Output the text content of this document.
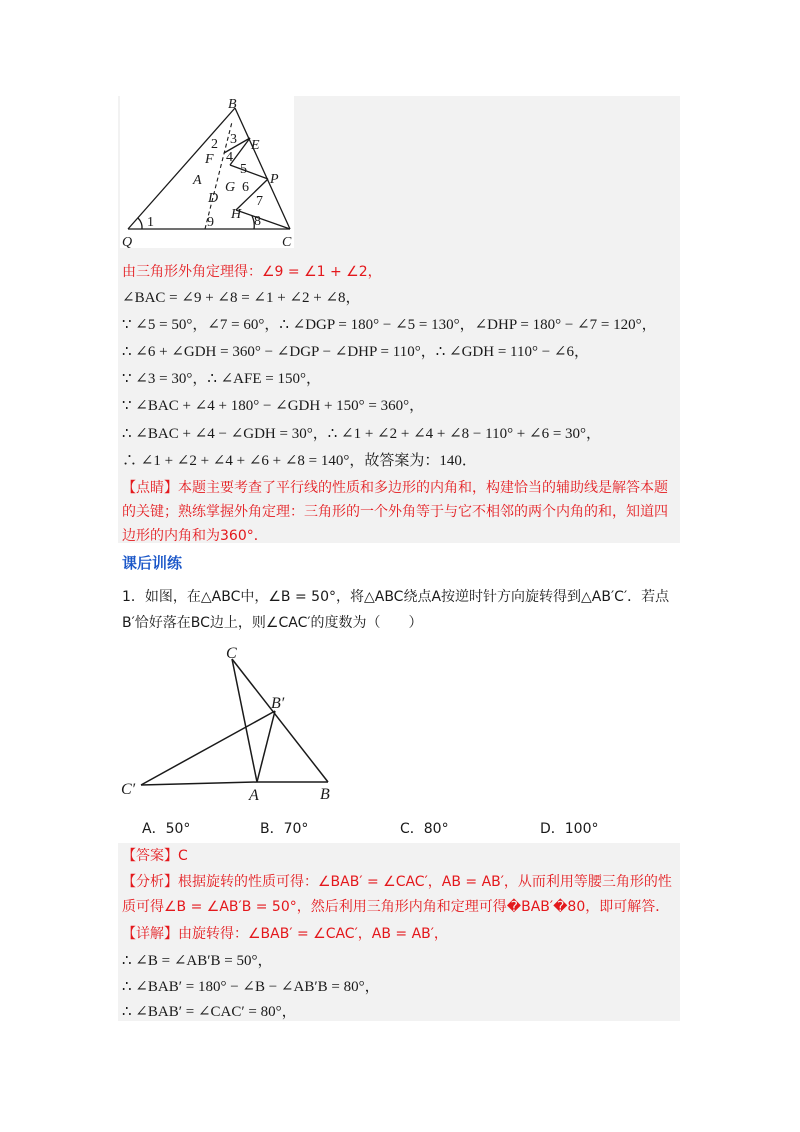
B
3
2 E
F 4
5
P
A G 6
D	7
H 8
1	9
Q	C
由三角形外角定理得：∠9 = ∠1 + ∠2，
∠BAC = ∠9 + ∠8 = ∠1 + ∠2 + ∠8，
∵ ∠5 = 50°，∠7 = 60°，∴ ∠DGP = 180° − ∠5 = 130°，∠DHP = 180° − ∠7 = 120°，
∴ ∠6 + ∠GDH = 360° − ∠DGP − ∠DHP = 110°，∴ ∠GDH = 110° − ∠6，
∵ ∠3 = 30°，∴ ∠AFE = 150°，
∵ ∠BAC + ∠4 + 180° − ∠GDH + 150° = 360°，
∴ ∠BAC + ∠4 − ∠GDH = 30°，∴ ∠1 + ∠2 + ∠4 + ∠8 − 110° + ∠6 = 30°，
∴ ∠1 + ∠2 + ∠4 + ∠6 + ∠8 = 140°，故答案为：140．
【点睛】本题主要考查了平行线的性质和多边形的内角和，构建恰当的辅助线是解答本题
的关键；熟练掌握外角定理：三角形的一个外角等于与它不相邻的两个内角的和，知道四
边形的内角和为360°．
课后训练
1．如图，在△ABC中，∠B = 50°，将△ABC绕点A按逆时针方向旋转得到△AB′C′．若点
B′恰好落在BC边上，则∠CAC′的度数为（　　）
C
B′
C′	A	B
A．50°	B．70°	C．80°	D．100°
【答案】C
【分析】根据旋转的性质可得：∠BAB′ = ∠CAC′，AB = AB′，从而利用等腰三角形的性
质可得∠B = ∠AB′B = 50°，然后利用三角形内角和定理可得�BAB′�80，即可解答．
【详解】由旋转得：∠BAB′ = ∠CAC′，AB = AB′，
∴ ∠B = ∠AB′B = 50°，
∴ ∠BAB′ = 180° − ∠B − ∠AB′B = 80°，
∴ ∠BAB′ = ∠CAC′ = 80°，
